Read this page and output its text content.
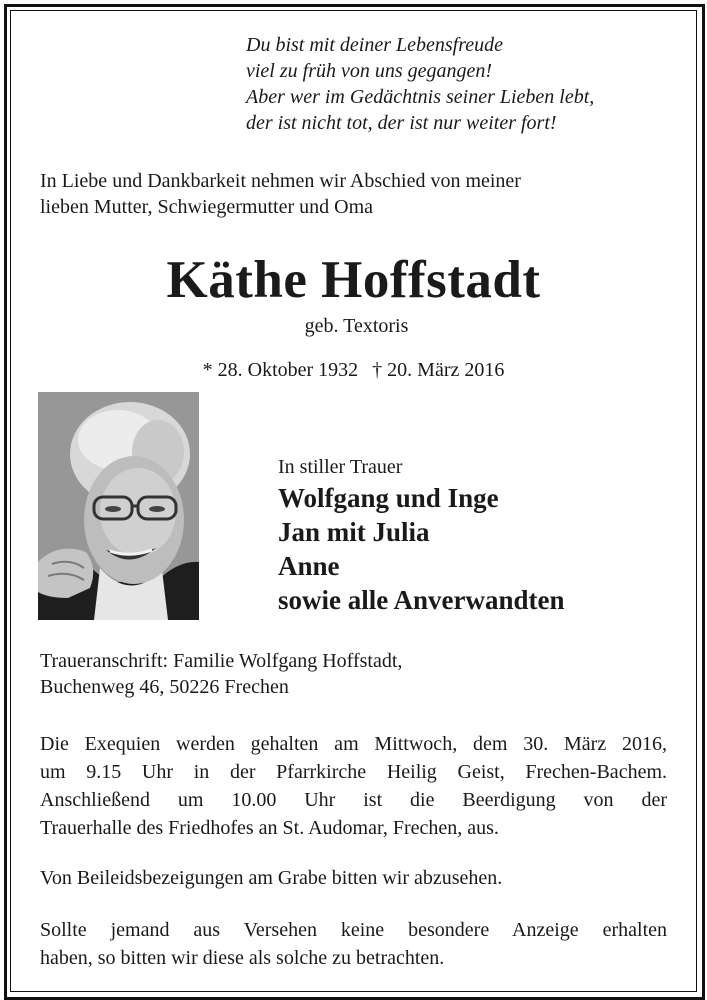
Du bist mit deiner Lebensfreude
viel zu früh von uns gegangen!
Aber wer im Gedächtnis seiner Lieben lebt,
der ist nicht tot, der ist nur weiter fort!
In Liebe und Dankbarkeit nehmen wir Abschied von meiner
lieben Mutter, Schwiegermutter und Oma
Käthe Hoffstadt
geb. Textoris
* 28. Oktober 1932 † 20. März 2016
In stiller Trauer
Wolfgang und Inge
Jan mit Julia
Anne
sowie alle Anverwandten
Traueranschrift: Familie Wolfgang Hoffstadt,
Buchenweg 46, 50226 Frechen
Die Exequien werden gehalten am Mittwoch, dem 30. März 2016,
um 9.15 Uhr in der Pfarrkirche Heilig Geist, Frechen-Bachem.
Anschließend um 10.00 Uhr ist die Beerdigung von der
Trauerhalle des Friedhofes an St. Audomar, Frechen, aus.
Von Beileidsbezeigungen am Grabe bitten wir abzusehen.
Sollte jemand aus Versehen keine besondere Anzeige erhalten
haben, so bitten wir diese als solche zu betrachten.
